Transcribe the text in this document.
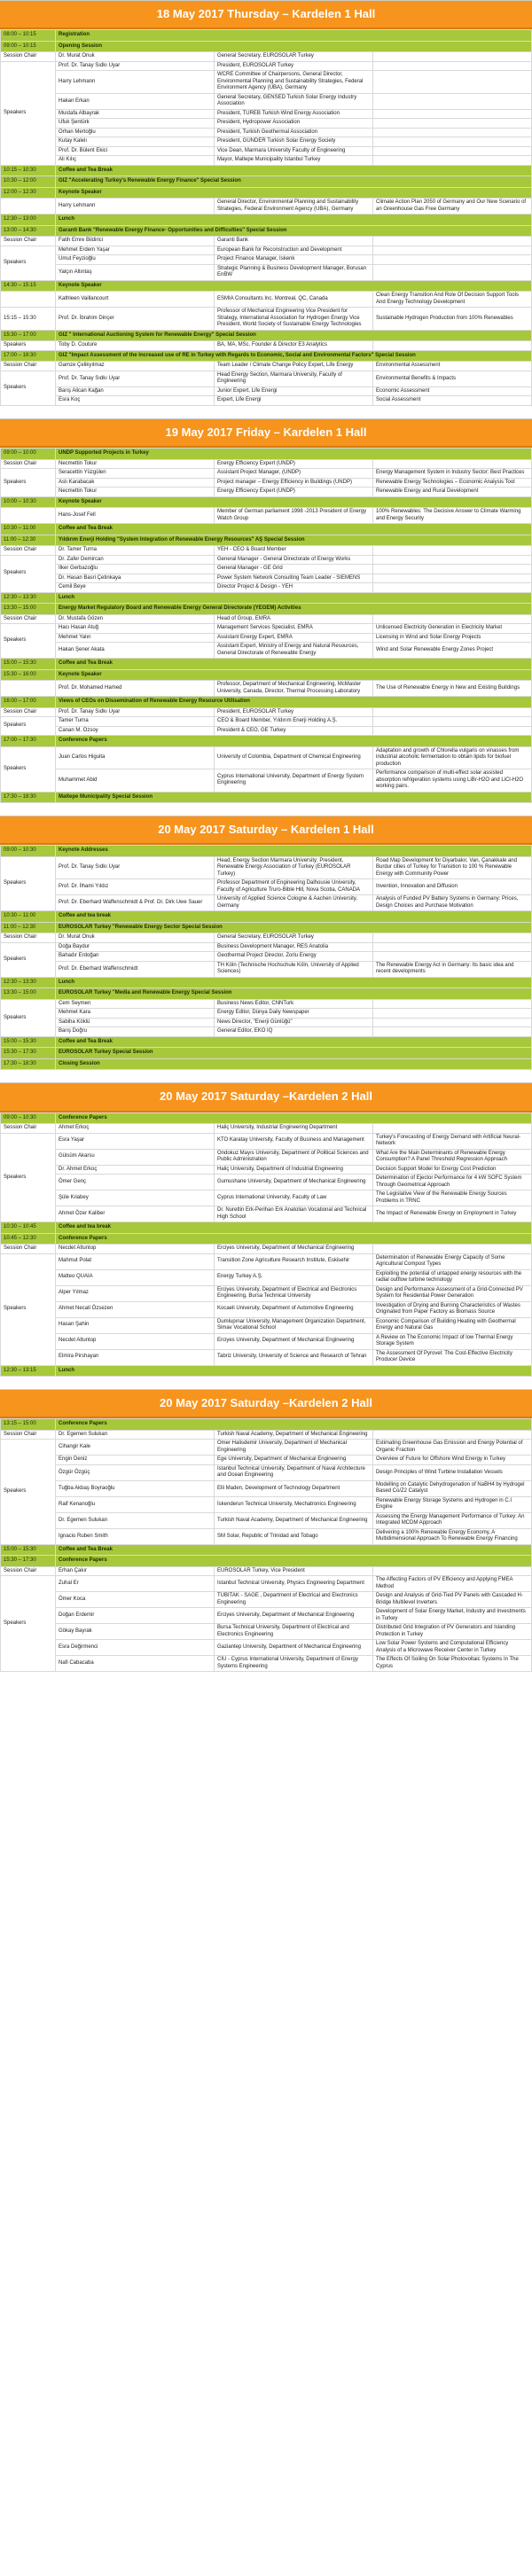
18 May 2017 Thursday – Kardelen 1 Hall
08:00 – 10:15	Registration		
09:00 – 10:15	Opening Session		
Session Chair	Dr. Murat Onuk	General Secretary, EUROSOLAR Turkey	
Speakers	Prof. Dr. Tanay Sıdkı Uyar	President, EUROSOLAR Turkey	
	Harry Lehmann	WCRE Committee of Chairpersons, General Director, Environmental Planning and Sustainability Strategies, Federal Environment Agency (UBA), Germany	
	Hakan Erkan	General Secretary, GENSED Turkish Solar Energy Industry Association	
	Mustafa Albayrak	President, TUREB Turkish Wind Energy Association	
	Ufuk Şentürk	President, Hydropower Association	
	Orhan Mertoğlu	President, Turkish Geothermal Association	
	Kutay Kalelı	President, GÜNDER Turkish Solar Energy Society	
	Prof. Dr. Bülent Ekici	Vice Dean, Marmara University Faculty of Engineering	
	Ali Kılıç	Mayor, Maltepe Municipality Istanbul Turkey	
10:15 – 10:30	Coffee and Tea Break		
10:30 – 12:00	GIZ "Accelerating Turkey's Renewable Energy Finance" Special Session		
12:00 – 12:30	Keynote Speaker		
	Harry Lehmann	General Director, Environmental Planning and Sustainability Strategies, Federal Environment Agency (UBA), Germany	Climate Action Plan 2050 of Germany and Our New Scenario of an Greenhouse Gas Free Germany
12:30 – 13:00	Lunch		
13:00 – 14:30	Garanti Bank "Renewable Energy Finance- Opportunities and Difficulties" Special Session		
Session Chair	Fatih Emre Bildirici	Garanti Bank	
Speakers	Mehmet Erdem Yaşar	European Bank for Reconstruction and Development	
	Umut Feyzioğlu	Project Finance Manager, Iskenk	
	Yalçın Altıntaş	Strategic Planning & Business Development Manager, Borusan EnBW	
14:30 – 15:15	Keynote Speaker		
	Kathleen Vaillancourt	ESMIA Consultants Inc. Montreal, QC, Canada	Clean Energy Transition And Role Of Decision Support Tools And Energy Technology Development
15:15 – 15:30	Prof. Dr. İbrahim Dinçer	Professor of Mechanical Engineering Vice President for Strategy, International Association for Hydrogen Energy Vice President, World Society of Sustainable Energy Technologies	Sustainable Hydrogen Production from 100% Renewables
15:30 – 17:00	GIZ " International Auctioning System for Renewable Energy" Special Session		
Speakers	Toby D. Couture	BA, MA, MSc. Founder & Director E3 Analytics	
17:00 – 18:30	GIZ "Impact Assessment of the Increased use of RE in Turkey with Regards to Economic, Social and Environmental Factors" Special Session		
Session Chair	Gamze Çelikyılmaz	Team Leader / Climate Change Policy Expert, Life Energy	Environmental Assessment
Speakers	Prof. Dr. Tanay Sıdkı Uyar	Head Energy Section, Marmara University, Faculty of Engineering	Environmental Benefits & Impacts
	Barış Alican Kağan	Junior Expert, Life Energi	Economic Assessment
	Esra Koç	Expert, Life Energi	Social Assessment
19 May 2017 Friday – Kardelen 1 Hall
09:00 – 10:00	UNDP Supported Projects in Turkey		
Session Chair	Necmettin Tokur	Energy Efficiency Expert (UNDP)	
Speakers	Seracettin Yüzgülen	Assistant Project Manager, (UNDP)	Energy Management System in Industry Sector: Best Practices
	Aslı Karabacak	Project manager – Energy Efficiency in Buildings (UNDP)	Renewable Energy Technologies – Economic Analysis Tool
	Necmettin Tokur	Energy Efficiency Expert (UNDP)	Renewable Energy and Rural Development
10:00 – 10:30	Keynote Speaker		
	Hans-Josef Fell	Member of German parliament 1998 -2013 President of Energy Watch Group	100% Renewables: The Decisive Answer to Climate Warming and Energy Security
10:30 – 11:00	Coffee and Tea Break		
11:00 – 12:30	Yıldırım Enerji Holding "System Integration of Renewable Energy Resources" AŞ Special Session		
Session Chair	Dr. Tamer Turna	YEH - CEO & Board Member	
Speakers	Dr. Zafer Demircan	General Manager - General Directorate of Energy Works	
	İlker Gerbazoğlu	General Manager - GE Grid	
	Dr. Hasan Basri Çetinkaya	Power System Network Consulting Team Leader - SIEMENS	
	Cemil Beye	Director Project & Design - YEH	
12:30 – 13:30	Lunch		
13:30 – 15:00	Energy Market Regulatory Board and Renewable Energy General Directorate (YEGEM) Activities		
Session Chair	Dr. Mustafa Gözen	Head of Group, EMRA	
Speakers	Hacı Hasan Atuğ	Management Services Specialist, EMRA	Unlicensed Electricity Generation in Electricity Market
	Mehmet Yalın	Assistant Energy Expert, EMRA	Licensing in Wind and Solar Energy Projects
	Hakan Şener Akata	Assistant Expert, Ministry of Energy and Natural Resources, General Directorate of Renewable Energy	Wind and Solar Renewable Energy Zones Project
15:00 – 15:30	Coffee and Tea Break		
15:30 – 16:00	Keynote Speaker		
	Prof. Dr. Mohamed Hamed	Professor, Department of Mechanical Engineering, McMaster University, Canada, Director, Thermal Processing Laboratory	The Use of Renewable Energy in New and Existing Buildings
16:00 – 17:00	Views of CEOs on Dissemination of Renewable Energy Resource Utilisation		
Session Chair	Prof. Dr. Tanay Sıdkı Uyar	President, EUROSOLAR Turkey	
Speakers	Tamer Turna	CEO & Board Member, Yıldırım Enerji Holding A.Ş.	
	Canan M. Özsoy	President & CEO, GE Turkey	
17:00 – 17:30	Conference Papers		
Speakers	Juan Carlos Higuita	University of Colombia, Department of Chemical Engineering	Adaptation and growth of Chlorella vulgaris on vinasses from industrial alcoholic fermentation to obtain lipids for biofuel production
	Muhammet Abid	Cyprus International University, Department of Energy System Engineering	Performance comparison of multi-effect solar assisted absorption refrigeration systems using LiBr-H2O and LiCl-H2O working pairs.
17:30 – 18:30	Maltepe Municipality Special Session		
20 May 2017 Saturday – Kardelen 1 Hall
09:00 – 10:30	Keynote Addresses		
Speakers	Prof. Dr. Tanay Sıdkı Uyar	Head, Energy Section Marmara University; President, Renewable Energy Association of Turkey (EUROSOLAR Turkey)	Road Map Development for Diyarbakır, Van, Çanakkale and Burdur cities of Turkey for Transition to 100 % Renewable Energy with Community Power
	Prof. Dr. İlhami Yıldız	Professor Department of Engineering Dalhousie University, Faculty of Agriculture Truro-Bible Hill, Nova Scotia, CANADA	Invention, Innovation and Diffusion
	Prof. Dr. Eberhard Waffenschmidt & Prof. Dr. Dirk Uwe Sauer	University of Applied Science Cologne & Aachen University, Germany	Analysis of Funded PV Battery Systems in Germany: Prices, Design Choices and Purchase Motivation
10:30 – 11:00	Coffee and tea break		
11:00 – 12:30	EUROSOLAR Turkey "Renewable Energy Sector Special Session		
Session Chair	Dr. Murat Onuk	General Secretary, EUROSOLAR Turkey	
Speakers	Doğa Baydur	Business Development Manager, RES Anatolia	
	Bahadır Erdoğan	Geothermal Project Director, Zorlu Energy	
	Prof. Dr. Eberhard Waffenschmidt	TH Köln (Technische Hochschule Köln, University of Applied Sciences)	The Renewable Energy Act in Germany: Its basic idea and recent developments
12:30 – 13:30	Lunch		
13:30 – 15:00	EUROSOLAR Turkey "Media and Renewable Energy Special Session		
Speakers	Cem Seymen	Business News Editor, CNNTurk	
	Mehmet Kara	Energy Editor, Dünya Daily Newspaper	
	Sabiha Köklü	News Director, "Enerji Günlüğü"	
	Barış Doğru	General Editor, EKO IQ	
15:00 – 15:30	Coffee and Tea Break		
15:30 – 17:30	EUROSOLAR Turkey Special Session		
17:30 – 18:30	Closing Session		
20 May 2017 Saturday –Kardelen 2 Hall
09:00 – 10:30	Conference Papers		
Session Chair	Ahmet Erkoç	Haliç University, Industrial Engineering Department	
Speakers	Esra Yaşar	KTO Karatay University, Faculty of Business and Management	Turkey's Forecasting of Energy Demand with Artificial Neural-Network
	Gülsüm Akarsu	Ondokuz Mayıs University, Department of Political Sciences and Public Administration	What Are the Main Determinants of Renewable Energy Consumption? A Panel Threshold Regression Approach
	Dr. Ahmet Erkoç	Haliç University, Department of Industrial Engineering	Decision Support Model for Energy Cost Prediction
	Ömer Genç	Gumushane University, Department of Mechanical Engineering	Determination of Ejector Performance for 4 kW SOFC System Through Geometrical Approach
	Şüle Kılabey	Cyprus International University, Faculty of Law	The Legislative View of the Renewable Energy Sources Problems in TRNC
	Ahmet Özer Kaliber	Dr. Nurettin Erk-Perihan Erk Anatolian Vocational and Technical High School	The Impact of Renewable Energy on Employment in Turkey
10:30 – 10:45	Coffee and tea break		
10:45 – 12:30	Conference Papers		
Session Chair	Necdet Altuntop	Erciyes University, Department of Mechanical Engineering	
Speakers	Mahmut Polat	Transition Zone Agriculture Research Institute, Eskisehir	Determination of Renewable Energy Capacity of Some Agricultural Compost Types
	Matteo QUAIA	Energy Turkey A.Ş.	Exploiting the potential of untapped energy resources with the radial outflow turbine technology
	Alper Yılmaz	Erciyes University, Department of Electrical and Electronics Engineering, Bursa Technical University	Design and Performance Assessment of a Grid-Connected PV System for Residential Power Generation
	Ahmet Necati Özsezen	Kocaeli University, Department of Automotive Engineering	Investigation of Drying and Burning Characteristics of Wastes Originated from Paper Factory as Biomass Source
	Hasan Şahin	Dumlupınar University, Management Organization Department, Simav Vocational School	Economic Comparison of Building Heating with Geothermal Energy and Natural Gas
	Necdet Altuntop	Erciyes University, Department of Mechanical Engineering	A Review on The Economic Impact of low Thermal Energy Storage System
	Elmira Pirshayan	Tabriz University, University of Science and Research of Tehran	The Assessment Of Pyrovel: The Cost-Effective Electricity Producer Device
12:30 – 13:15	Lunch		
20 May 2017 Saturday –Kardelen 2 Hall
13:15 – 15:00	Conference Papers		
Session Chair	Dr. Egemen Sulukan	Turkish Naval Academy, Department of Mechanical Engineering	
Speakers	Cihangir Kale	Ömer Halisdemir University, Department of Mechanical Engineering	Estimating Greenhouse Gas Emission and Energy Potential of Organic Fraction
	Engin Deniz	Ege University, Department of Mechanical Engineering	Overview of Future for Offshore Wind Energy in Turkey
	Özgür Özgüç	Istanbul Technical University, Department of Naval Architecture and Ocean Engineering	Design Principles of Wind Turbine Installation Vessels
	Tuğba Akbaş Boyraoğlu	Elli Maden, Development of Technology Department	Modelling on Catalytic Dehydrogenation of NaBH4 by Hydrogel Based Co/Z2 Catalyst
	Raif Kenanoğlu	İskenderun Technical University, Mechatronics Engineering	Renewable Energy Storage Systems and Hydrogen in C.I Engine
	Dr. Egemen Sulukan	Turkish Naval Academy, Department of Mechanical Engineering	Assessing the Energy Management Performance of Turkey: An Integrated MCDM Approach
	Ignacio Ruben Smith	SM Solar, Republic of Trinidad and Tobago	Delivering a 100% Renewable Energy Economy, A Multidimensional Approach To Renewable Energy Financing
15:00 – 15:30	Coffee and Tea Break		
15:30 – 17:30	Conference Papers		
Session Chair	Erhan Çakır	EUROSOLAR Turkey, Vice President	
Speakers	Zuhal Er	Istanbul Technical University, Physics Engineering Department	The Affecting Factors of PV Efficiency and Applying FMEA Method
	Ömer Koca	TÜBİTAK - SAGE , Department of Electrical and Electronics Engineering	Design and Analysis of Grid-Tied PV Panels with Cascaded H-Bridge Multilevel Inverters
	Doğan Erdemir	Erciyes University, Department of Mechanical Engineering	Development of Solar Energy Market, Industry and Investments in Turkey
	Gökay Bayrak	Bursa Technical University, Department of Electrical and Electronics Engineering	Distributed Grid Integration of PV Generators and Islanding Protection in Turkey
	Esra Değirmenci	Gaziantep University, Department of Mechanical Engineering	Low Solar Power Systems and Computational Efficiency Analysis of a Microwave Receiver Center in Turkey
	Nafi Cabacaba	CIU - Cyprus International University, Department of Energy Systems Engineering	The Effects Of Soiling On Solar Photovoltaic Systems In The Cyprus
